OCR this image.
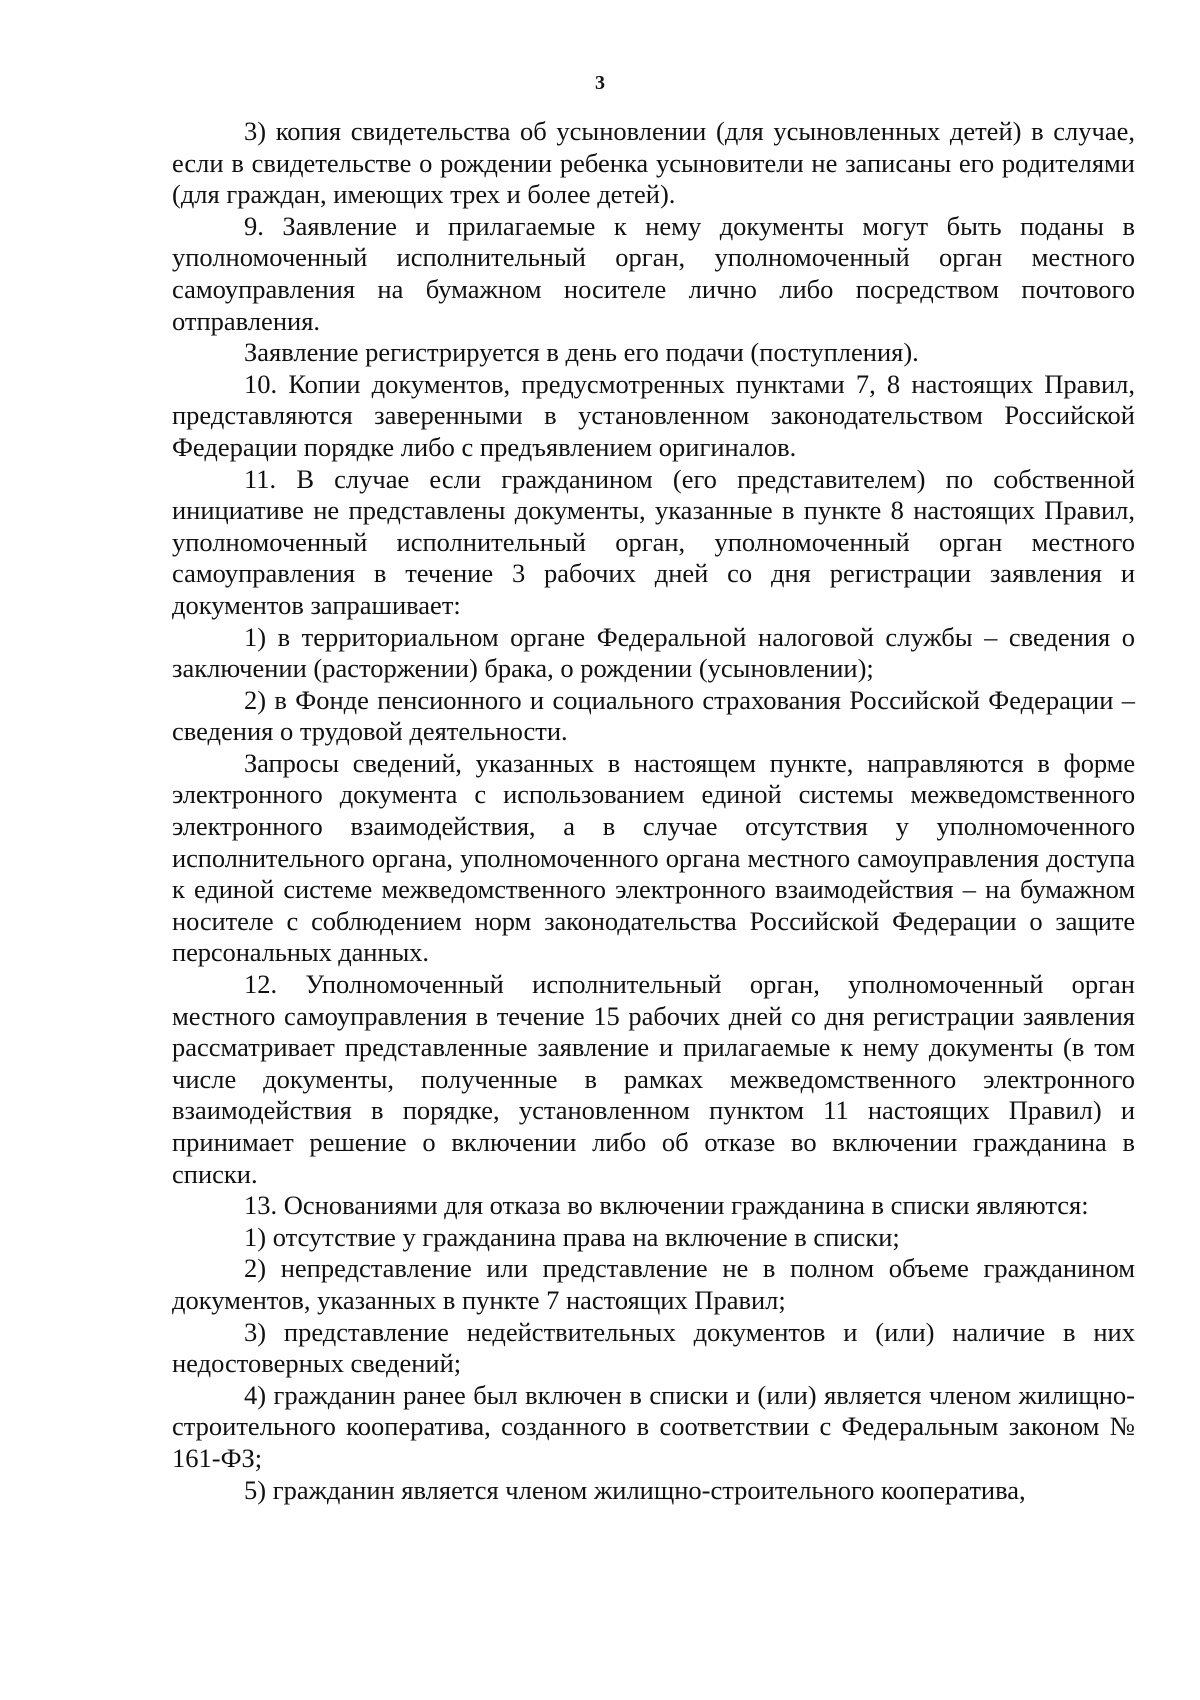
3

3) копия свидетельства об усыновлении (для усыновленных детей) в случае, если в свидетельстве о рождении ребенка усыновители не записаны его родителями (для граждан, имеющих трех и более детей).

9. Заявление и прилагаемые к нему документы могут быть поданы в уполномоченный исполнительный орган, уполномоченный орган местного самоуправления на бумажном носителе лично либо посредством почтового отправления.

Заявление регистрируется в день его подачи (поступления).

10. Копии документов, предусмотренных пунктами 7, 8 настоящих Правил, представляются заверенными в установленном законодательством Российской Федерации порядке либо с предъявлением оригиналов.

11. В случае если гражданином (его представителем) по собственной инициативе не представлены документы, указанные в пункте 8 настоящих Правил, уполномоченный исполнительный орган, уполномоченный орган местного самоуправления в течение 3 рабочих дней со дня регистрации заявления и документов запрашивает:

1) в территориальном органе Федеральной налоговой службы – сведения о заключении (расторжении) брака, о рождении (усыновлении);

2) в Фонде пенсионного и социального страхования Российской Федерации – сведения о трудовой деятельности.

Запросы сведений, указанных в настоящем пункте, направляются в форме электронного документа с использованием единой системы межведомственного электронного взаимодействия, а в случае отсутствия у уполномоченного исполнительного органа, уполномоченного органа местного самоуправления доступа к единой системе межведомственного электронного взаимодействия – на бумажном носителе с соблюдением норм законодательства Российской Федерации о защите персональных данных.

12. Уполномоченный исполнительный орган, уполномоченный орган местного самоуправления в течение 15 рабочих дней со дня регистрации заявления рассматривает представленные заявление и прилагаемые к нему документы (в том числе документы, полученные в рамках межведомственного электронного взаимодействия в порядке, установленном пунктом 11 настоящих Правил) и принимает решение о включении либо об отказе во включении гражданина в списки.

13. Основаниями для отказа во включении гражданина в списки являются:

1) отсутствие у гражданина права на включение в списки;

2) непредставление или представление не в полном объеме гражданином документов, указанных в пункте 7 настоящих Правил;

3) представление недействительных документов и (или) наличие в них недостоверных сведений;

4) гражданин ранее был включен в списки и (или) является членом жилищно-строительного кооператива, созданного в соответствии с Федеральным законом № 161-ФЗ;

5) гражданин является членом жилищно-строительного кооператива,
